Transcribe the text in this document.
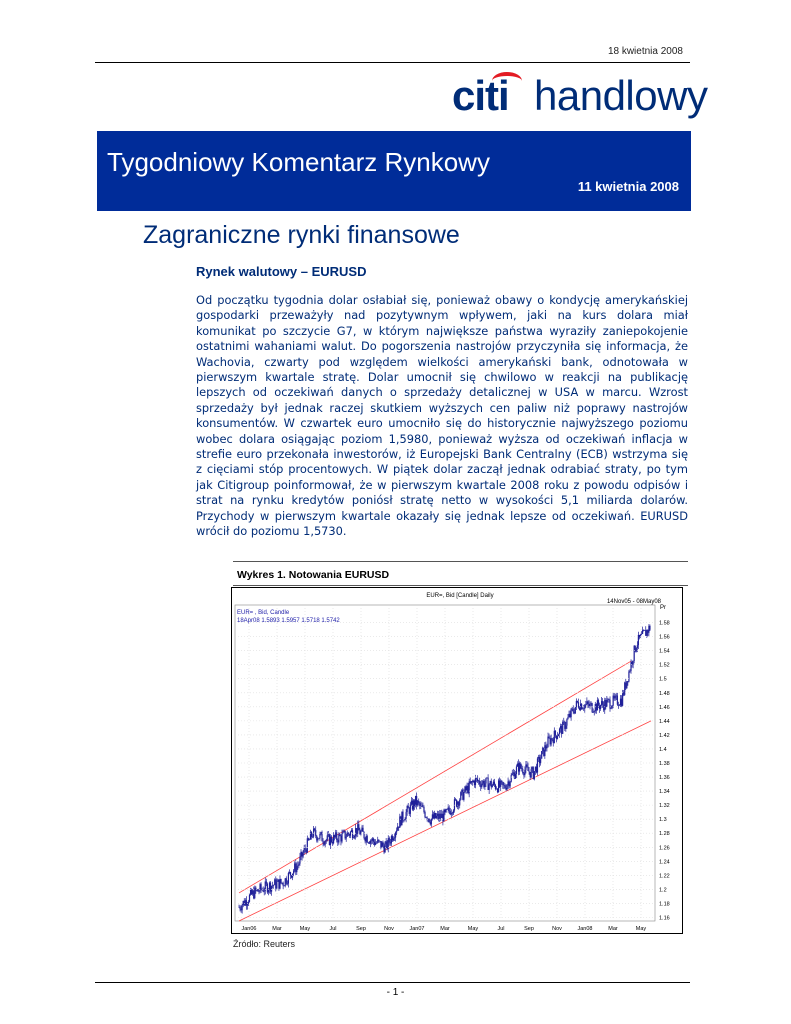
18 kwietnia 2008
citi handlowy
Tygodniowy Komentarz Rynkowy
11 kwietnia 2008
Zagraniczne rynki finansowe
Rynek walutowy – EURUSD
Od początku tygodnia dolar osłabiał się, ponieważ obawy o kondycję amerykańskiej gospodarki przeważyły nad pozytywnym wpływem, jaki na kurs dolara miał komunikat po szczycie G7, w którym największe państwa wyraziły zaniepokojenie ostatnimi wahaniami walut. Do pogorszenia nastrojów przyczyniła się informacja, że Wachovia, czwarty pod względem wielkości amerykański bank, odnotowała w pierwszym kwartale stratę. Dolar umocnił się chwilowo w reakcji na publikację lepszych od oczekiwań danych o sprzedaży detalicznej w USA w marcu. Wzrost sprzedaży był jednak raczej skutkiem wyższych cen paliw niż poprawy nastrojów konsumentów. W czwartek euro umocniło się do historycznie najwyższego poziomu wobec dolara osiągając poziom 1,5980, ponieważ wyższa od oczekiwań inflacja w strefie euro przekonała inwestorów, iż Europejski Bank Centralny (ECB) wstrzyma się z cięciami stóp procentowych. W piątek dolar zaczął jednak odrabiać straty, po tym jak Citigroup poinformował, że w pierwszym kwartale 2008 roku z powodu odpisów i strat na rynku kredytów poniósł stratę netto w wysokości 5,1 miliarda dolarów. Przychody w pierwszym kwartale okazały się jednak lepsze od oczekiwań. EURUSD wrócił do poziomu 1,5730.
Wykres 1. Notowania EURUSD
EUR=, Bid [Candle] Daily
14Nov05 - 08May08
EUR= , Bid, Candle
18Apr08 1.5893 1.5957 1.5718 1.5742
Pr
1.58
1.56
1.54
1.52
1.5
1.48
1.46
1.44
1.42
1.4
1.38
1.36
1.34
1.32
1.3
1.28
1.26
1.24
1.22
1.2
1.18
1.16
Jan06	Mar	May	Jul	Sep	Nov	Jan07	Mar	May	Jul	Sep	Nov	Jan08	Mar	May
Źródło: Reuters
- 1 -
